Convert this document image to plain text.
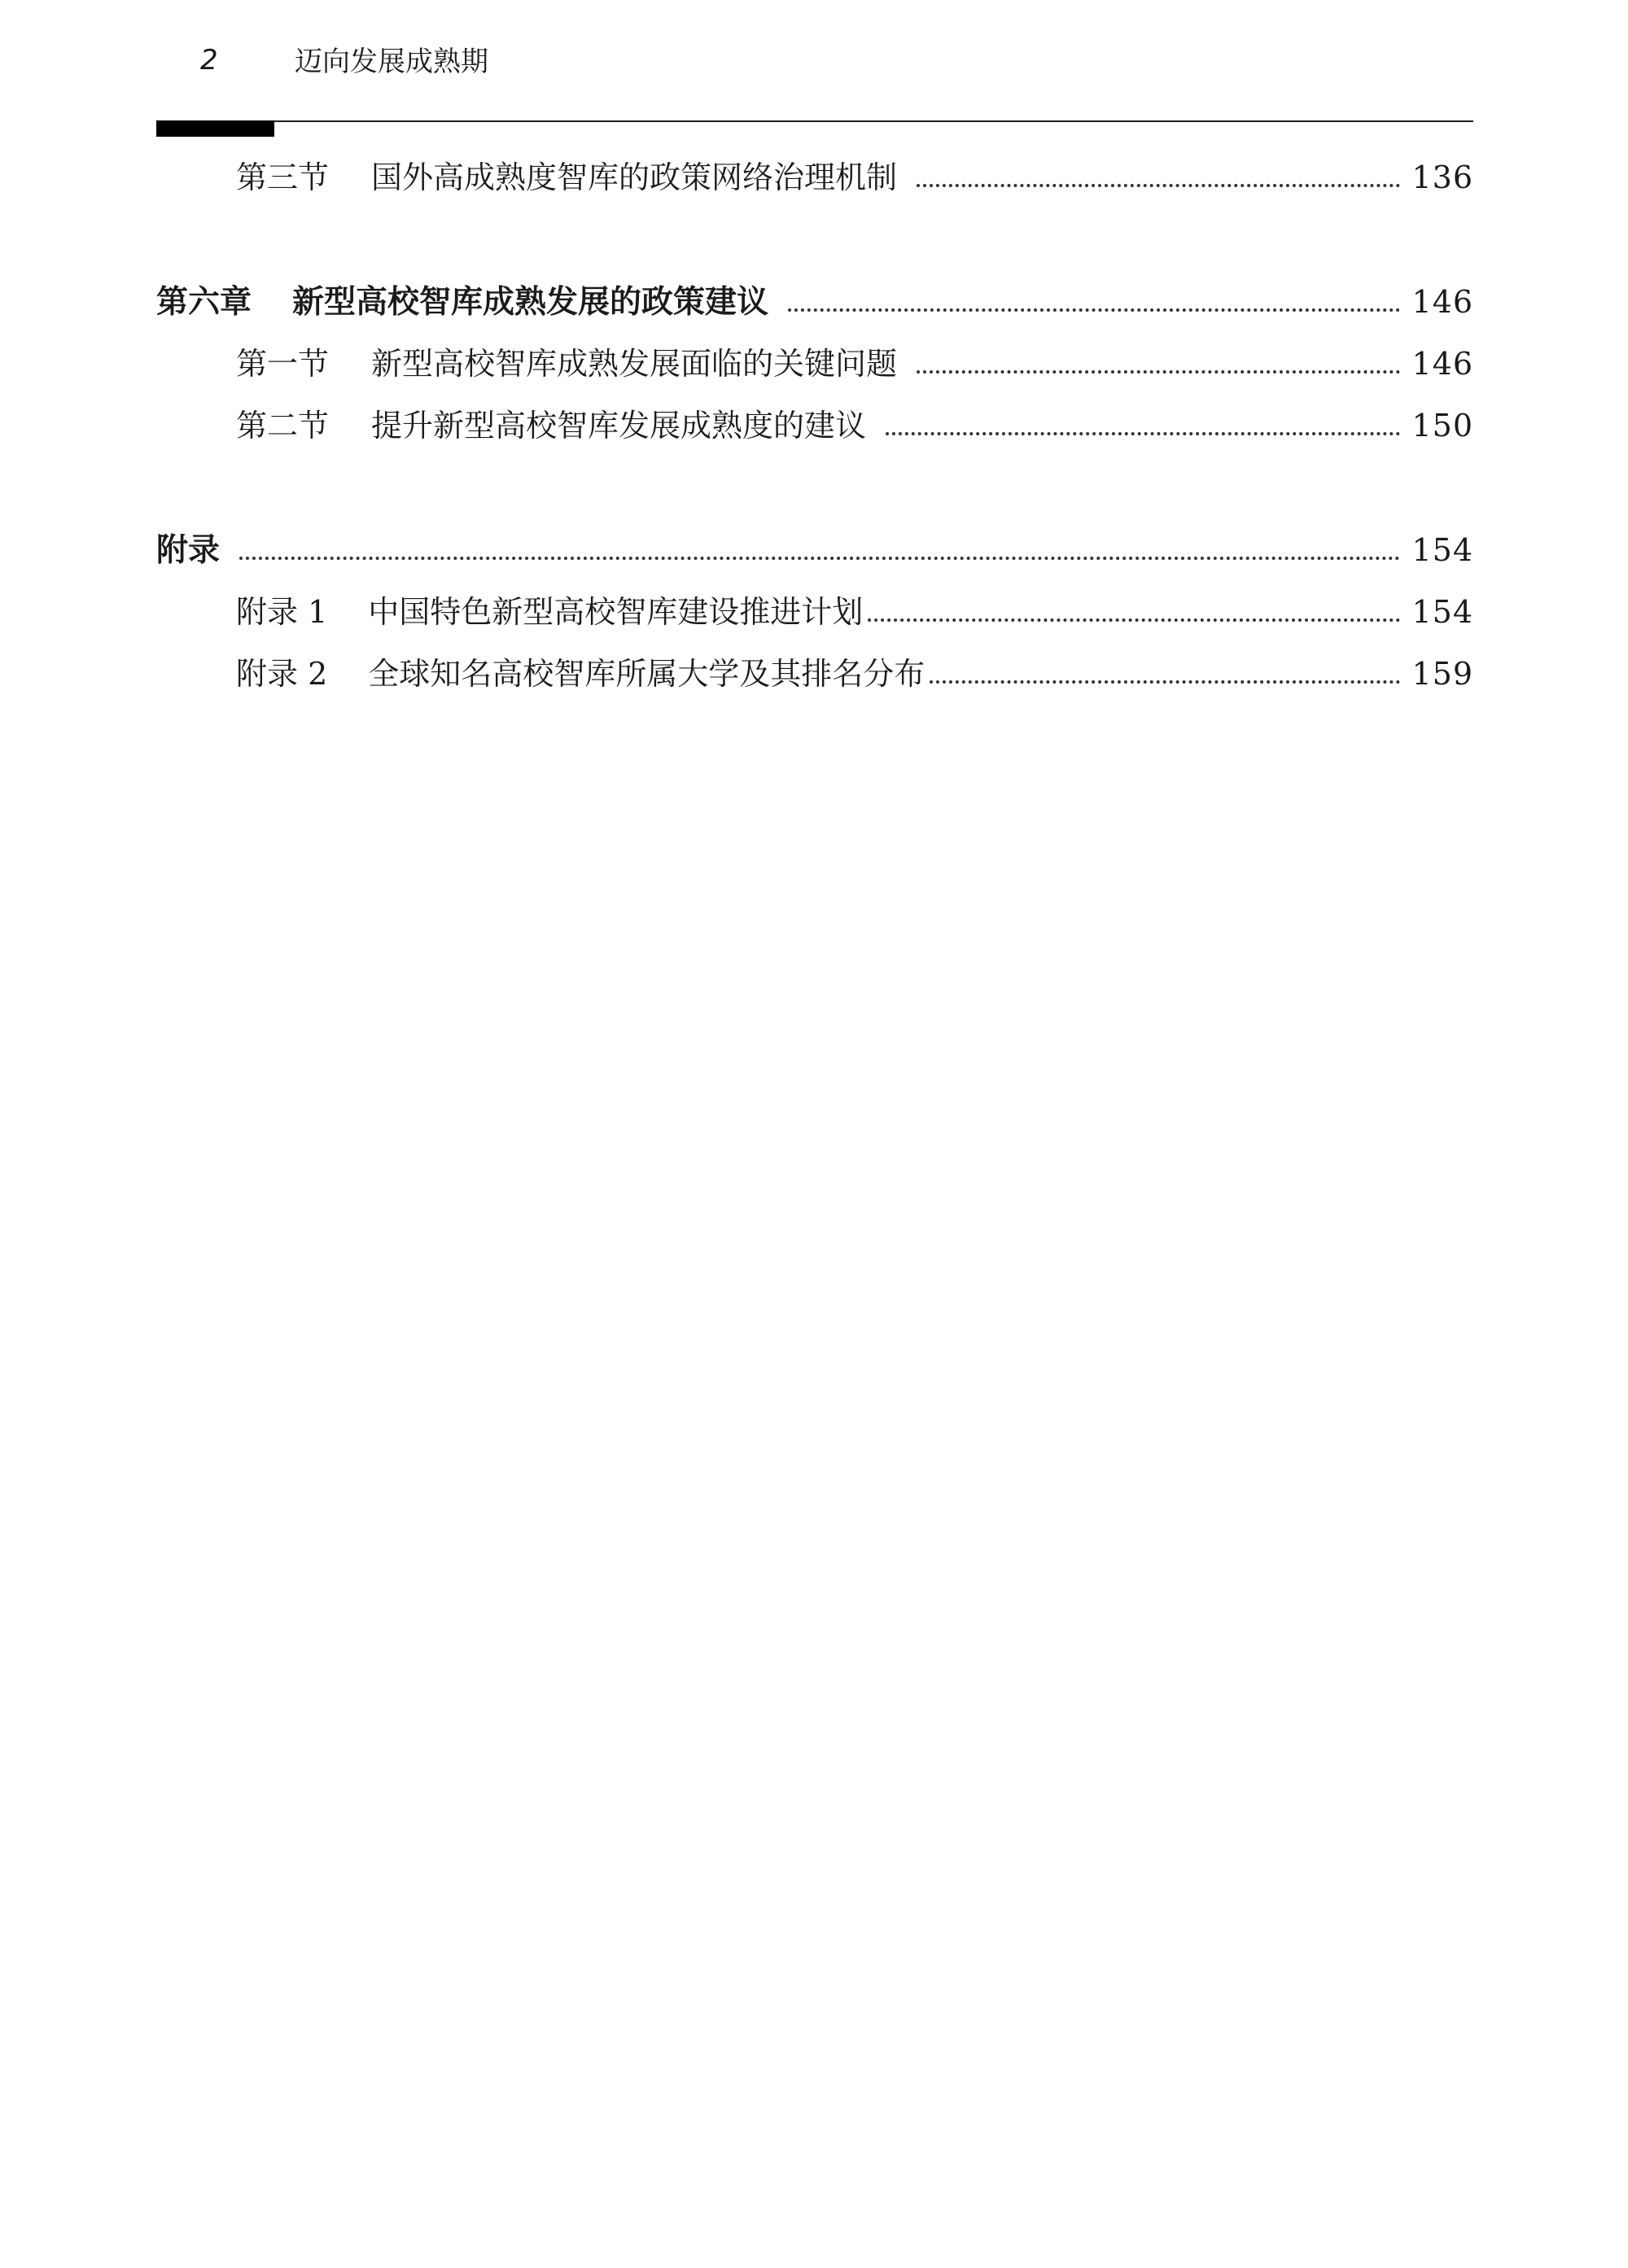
2	迈向发展成熟期
第三节 国外高成熟度智库的政策网络治理机制	136
第六章 新型高校智库成熟发展的政策建议	146
第一节 新型高校智库成熟发展面临的关键问题	146
第二节 提升新型高校智库发展成熟度的建议	150
附录	154
附录 1 中国特色新型高校智库建设推进计划	154
附录 2 全球知名高校智库所属大学及其排名分布	159
